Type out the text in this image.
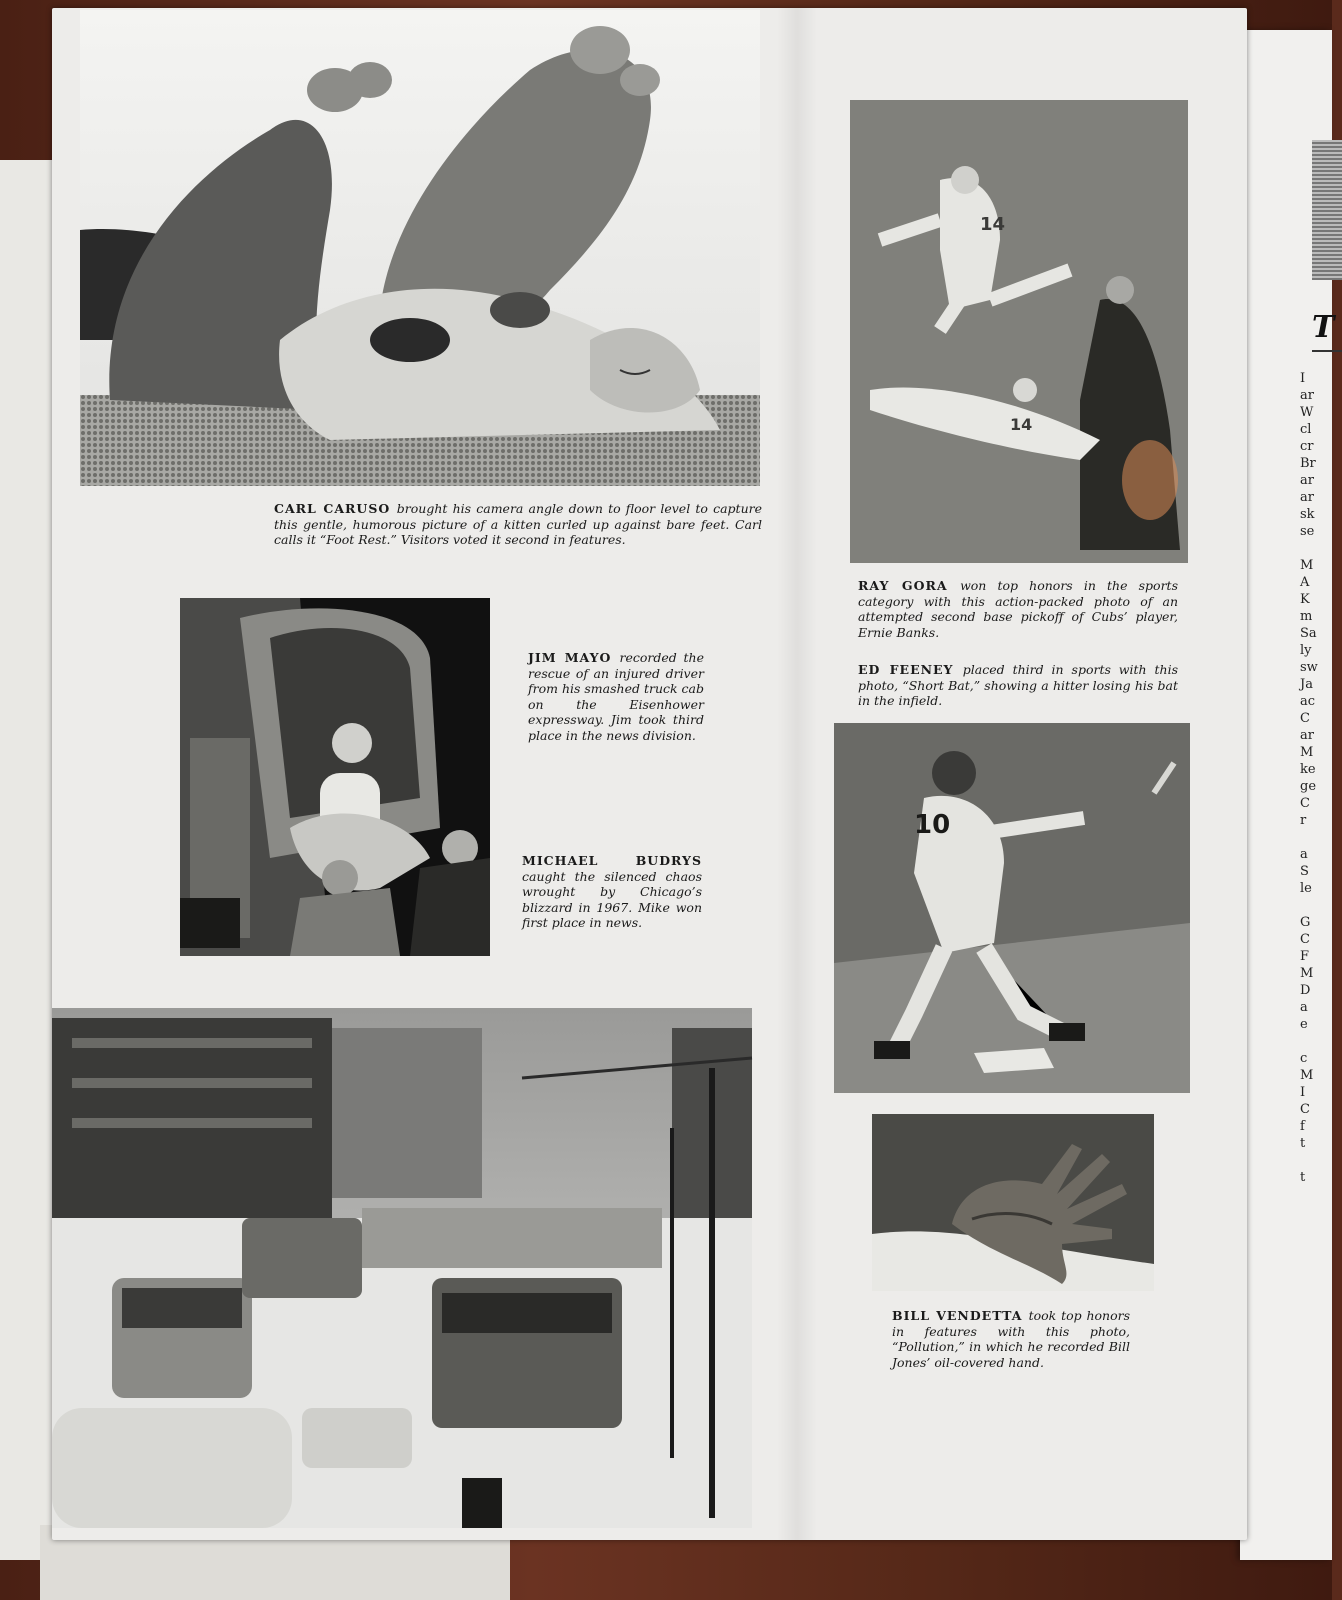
T
I
ar
W
cl
cr
Br
ar
ar
sk
se

M
A
K
m
Sa
ly
sw
Ja
ac
C
ar
M
ke
ge
C
r

a
S
le

G
C
F
M
D
a
e

c
M
I
C
f
t

t
CARL CARUSO brought his camera angle down to floor level to capture this gentle, humorous picture of a kitten curled up against bare feet. Carl calls it “Foot Rest.” Visitors voted it second in features.
JIM MAYO recorded the rescue of an injured driver from his smashed truck cab on the Eisenhower expressway. Jim took third place in the news division.
MICHAEL BUDRYS caught the silenced chaos wrought by Chicago’s blizzard in 1967. Mike won first place in news.
14
14
RAY GORA won top honors in the sports category with this action-packed photo of an attempted second base pickoff of Cubs’ player, Ernie Banks.
ED FEENEY placed third in sports with this photo, “Short Bat,” showing a hitter losing his bat in the infield.
10
BILL VENDETTA took top honors in features with this photo, “Pollution,” in which he recorded Bill Jones’ oil-covered hand.
